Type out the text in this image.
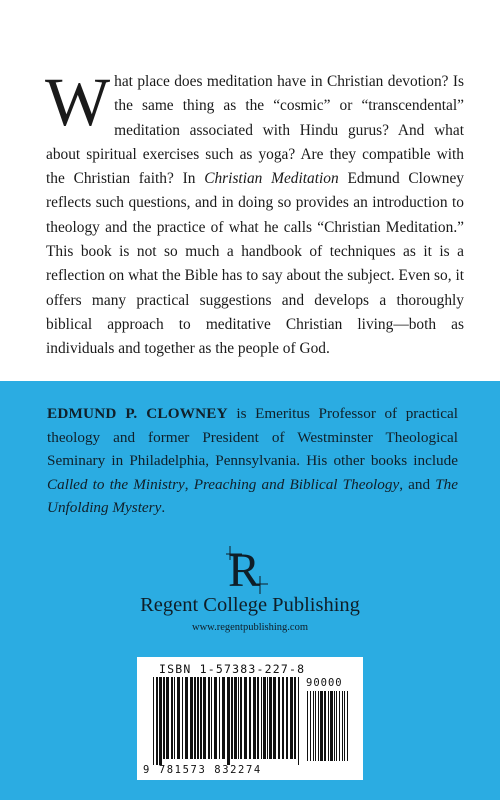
What place does meditation have in Christian devotion? Is the same thing as the “cosmic” or “transcendental” meditation associated with Hindu gurus? And what about spiritual exercises such as yoga? Are they compatible with the Christian faith? In Christian Meditation Edmund Clowney reflects such questions, and in doing so provides an introduction to theology and the practice of what he calls “Christian Meditation.” This book is not so much a handbook of techniques as it is a reflection on what the Bible has to say about the subject. Even so, it offers many practical suggestions and develops a thoroughly biblical approach to meditative Christian living—both as individuals and together as the people of God.

EDMUND P. CLOWNEY is Emeritus Professor of practical theology and former President of Westminster Theological Seminary in Philadelphia, Pennsylvania. His other books include Called to the Ministry, Preaching and Biblical Theology, and The Unfolding Mystery.

R
Regent College Publishing
www.regentpublishing.com
ISBN 1-57383-227-8
90000
9 781573 832274
